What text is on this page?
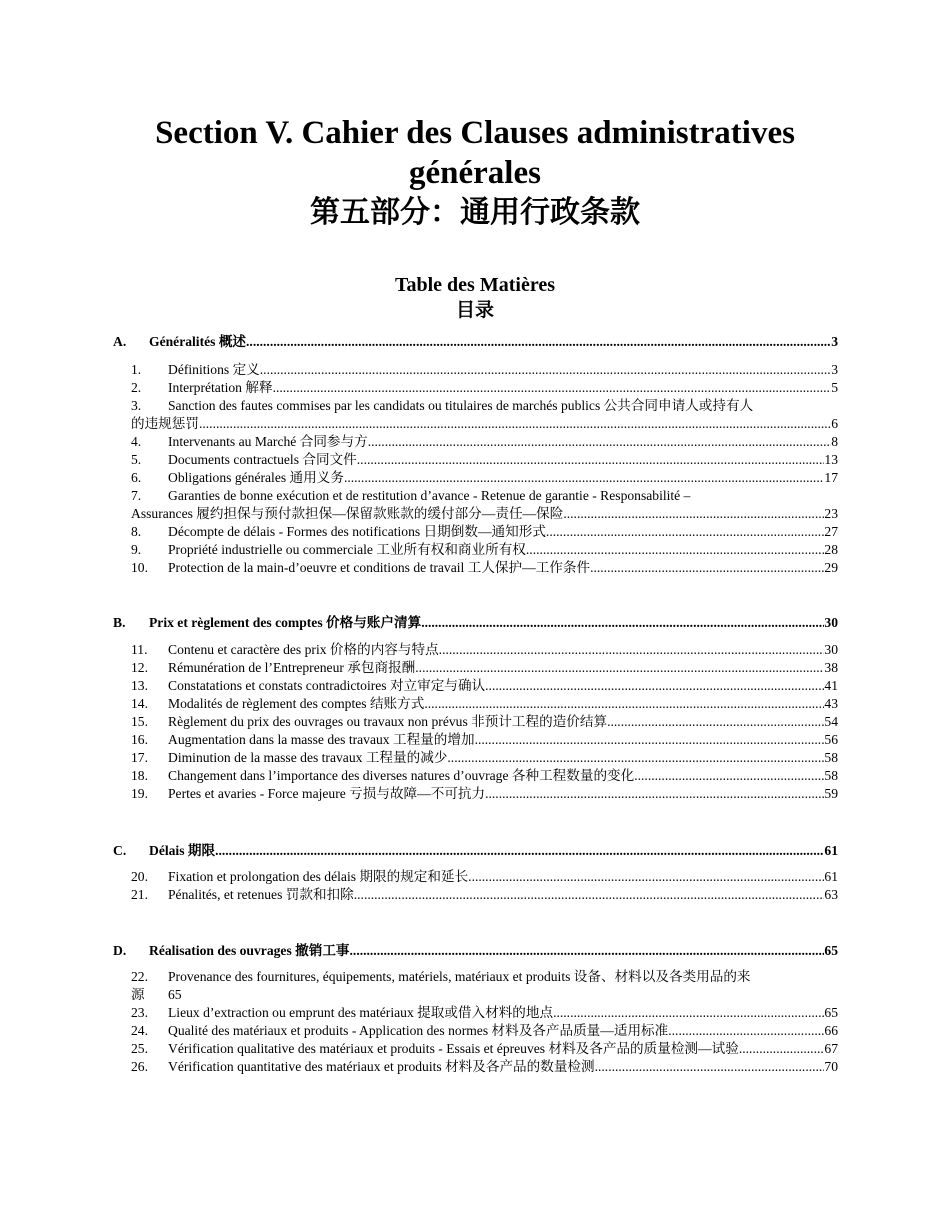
Section V. Cahier des Clauses administratives
générales
第五部分：通用行政条款
Table des Matières
目录
A. Généralités 概述 .....	3
1. Définitions 定义 .....	3
2. Interprétation 解释 .....	5
3. Sanction des fautes commises par les candidats ou titulaires de marchés publics 公共合同申请人或持有人
的违规惩罚 .....	6
4. Intervenants au Marché 合同参与方 .....	8
5. Documents contractuels 合同文件 .....	13
6. Obligations générales 通用义务 .....	17
7. Garanties de bonne exécution et de restitution d’avance - Retenue de garantie - Responsabilité –
Assurances 履约担保与预付款担保—保留款账款的缓付部分—责任—保险 .....	23
8. Décompte de délais - Formes des notifications 日期倒数—通知形式 .....	27
9. Propriété industrielle ou commerciale 工业所有权和商业所有权 .....	28
10. Protection de la main-d’oeuvre et conditions de travail 工人保护—工作条件 .....	29
B. Prix et règlement des comptes 价格与账户清算 .....	30
11. Contenu et caractère des prix 价格的内容与特点 .....	30
12. Rémunération de l’Entrepreneur 承包商报酬 .....	38
13. Constatations et constats contradictoires 对立审定与确认 .....	41
14. Modalités de règlement des comptes 结账方式 .....	43
15. Règlement du prix des ouvrages ou travaux non prévus 非预计工程的造价结算 .....	54
16. Augmentation dans la masse des travaux 工程量的增加 .....	56
17. Diminution de la masse des travaux 工程量的减少 .....	58
18. Changement dans l’importance des diverses natures d’ouvrage 各种工程数量的变化 .....	58
19. Pertes et avaries - Force majeure 亏损与故障—不可抗力 .....	59
C. Délais 期限 .....	61
20. Fixation et prolongation des délais 期限的规定和延长 .....	61
21. Pénalités, et retenues 罚款和扣除 .....	63
D. Réalisation des ouvrages 撤销工事 .....	65
22. Provenance des fournitures, équipements, matériels, matériaux et produits 设备、材料以及各类用品的来
源 65
23. Lieux d’extraction ou emprunt des matériaux 提取或借入材料的地点 .....	65
24. Qualité des matériaux et produits - Application des normes 材料及各产品质量—适用标准 .....	66
25. Vérification qualitative des matériaux et produits - Essais et épreuves 材料及各产品的质量检测—试验 .....	67
26. Vérification quantitative des matériaux et produits 材料及各产品的数量检测 .....	70
